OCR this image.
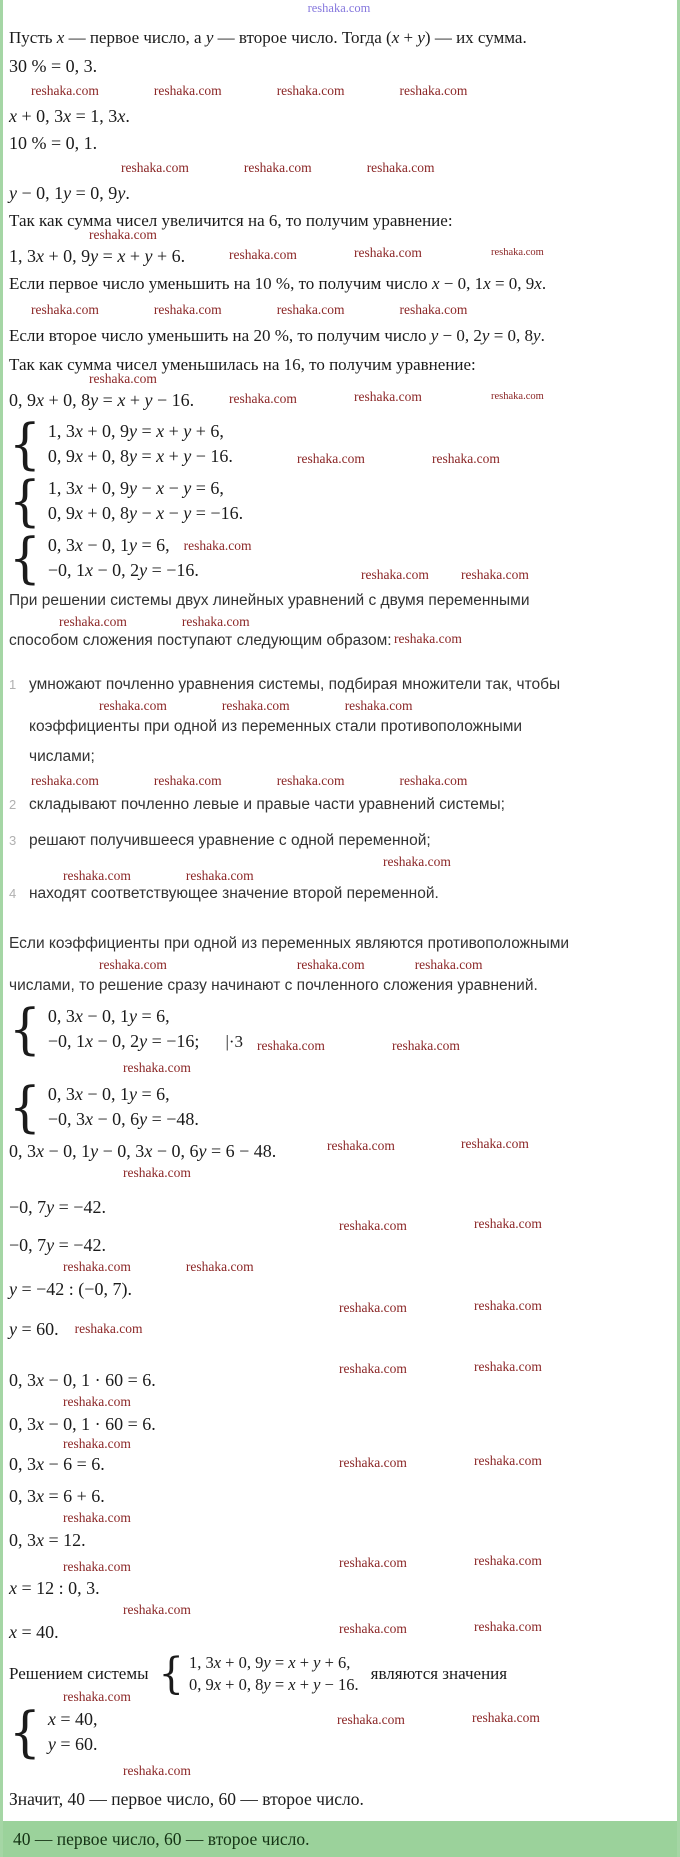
reshaka.com

Пусть x — первое число, а y — второе число. Тогда (x + y) — их сумма.

30 % = 0, 3.
reshaka.com	reshaka.com	reshaka.com	reshaka.com
x + 0, 3x = 1, 3x.
10 % = 0, 1.
reshaka.com	reshaka.com	reshaka.com
y − 0, 1y = 0, 9y.

Так как сумма чисел увеличится на 6, то получим уравнение:

1, 3x + 0, 9y = x + y + 6.
reshaka.com
reshaka.com	reshaka.com	reshaka.com

Если первое число уменьшить на 10 %, то получим число x − 0, 1x = 0, 9x.

reshaka.com	reshaka.com	reshaka.com	reshaka.com

Если второе число уменьшить на 20 %, то получим число y − 0, 2y = 0, 8y.

Так как сумма чисел уменьшилась на 16, то получим уравнение:

0, 9x + 0, 8y = x + y − 16.
reshaka.com
reshaka.com	reshaka.com	reshaka.com
{ 1, 3x + 0, 9y = x + y + 6,
0, 9x + 0, 8y = x + y − 16.	reshaka.com	reshaka.com
{ 1, 3x + 0, 9y − x − y = 6,
0, 9x + 0, 8y − x − y = −16.
{ 0, 3x − 0, 1y = 6, reshaka.com
−0, 1x − 0, 2y = −16.	reshaka.com reshaka.com

При решении системы двух линейных уравнений с двумя переменными

reshaka.com	reshaka.com

способом сложения поступают следующим образом: reshaka.com

1 умножают почленно уравнения системы, подбирая множители так, чтобы
reshaka.com	reshaka.com	reshaka.com
коэффициенты при одной из переменных стали противоположными
числами;
reshaka.com	reshaka.com	reshaka.com	reshaka.com
2 складывают почленно левые и правые части уравнений системы;
3 решают получившееся уравнение с одной переменной;
reshaka.com
reshaka.com	reshaka.com
4 находят соответствующее значение второй переменной.

Если коэффициенты при одной из переменных являются противоположными

reshaka.com	reshaka.com	reshaka.com

числами, то решение сразу начинают с почленного сложения уравнений.

{ 0, 3x − 0, 1y = 6,
−0, 1x − 0, 2y = −16; |·3 reshaka.com	reshaka.com
reshaka.com
{ 0, 3x − 0, 1y = 6,
−0, 3x − 0, 6y = −48.
0, 3x − 0, 1y − 0, 3x − 0, 6y = 6 − 48.	reshaka.com	reshaka.com
reshaka.com
−0, 7y = −42.
−0, 7y = −42.
reshaka.com	reshaka.com
reshaka.com	reshaka.com
y = −42 : (−0, 7).
y = 60. reshaka.com
reshaka.com	reshaka.com
0, 3x − 0, 1 · 60 = 6.
reshaka.com	reshaka.com
reshaka.com
0, 3x − 0, 1 · 60 = 6.
reshaka.com
0, 3x − 6 = 6.	reshaka.com	reshaka.com
0, 3x = 6 + 6.
reshaka.com
0, 3x = 12.
x = 12 : 0, 3.
reshaka.com	reshaka.com	reshaka.com
reshaka.com
x = 40.	reshaka.com	reshaka.com
Решением системы { 1, 3x + 0, 9y = x + y + 6,
0, 9x + 0, 8y = x + y − 16.
являются значения
reshaka.com
{ x = 40,
y = 60.
reshaka.com	reshaka.com
reshaka.com

Значит, 40 — первое число, 60 — второе число.

40 — первое число, 60 — второе число.
